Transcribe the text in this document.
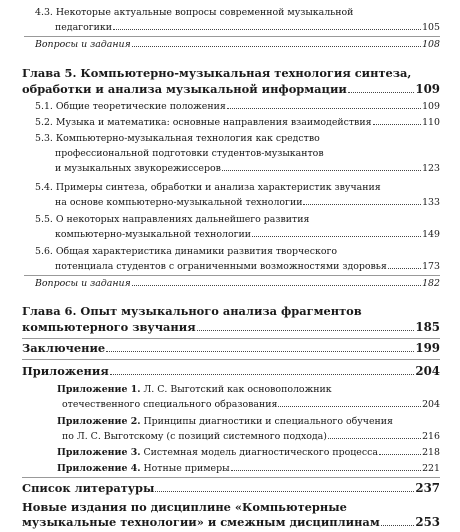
4.3. Некоторые актуальные вопросы современной музыкальной
педагогики	105
Вопросы и задания	108
Глава 5. Компьютерно-музыкальная технология синтеза,
обработки и анализа музыкальной информации	109
5.1. Общие теоретические положения	109
5.2. Музыка и математика: основные направления взаимодействия	110
5.3. Компьютерно-музыкальная технология как средство
профессиональной подготовки студентов-музыкантов
и музыкальных звукорежиссеров	123
5.4. Примеры синтеза, обработки и анализа характеристик звучания
на основе компьютерно-музыкальной технологии	133
5.5. О некоторых направлениях дальнейшего развития
компьютерно-музыкальной технологии	149
5.6. Общая характеристика динамики развития творческого
потенциала студентов с ограниченными возможностями здоровья	173
Вопросы и задания	182
Глава 6. Опыт музыкального анализа фрагментов
компьютерного звучания	185
Заключение	199
Приложения	204
Приложение 1. Л. С. Выготский как основоположник
отечественного специального образования	204
Приложение 2. Принципы диагностики и специального обучения
по Л. С. Выготскому (с позиций системного подхода)	216
Приложение 3. Системная модель диагностического процесса	218
Приложение 4. Нотные примеры	221
Список литературы	237
Новые издания по дисциплине «Компьютерные
музыкальные технологии» и смежным дисциплинам	253
